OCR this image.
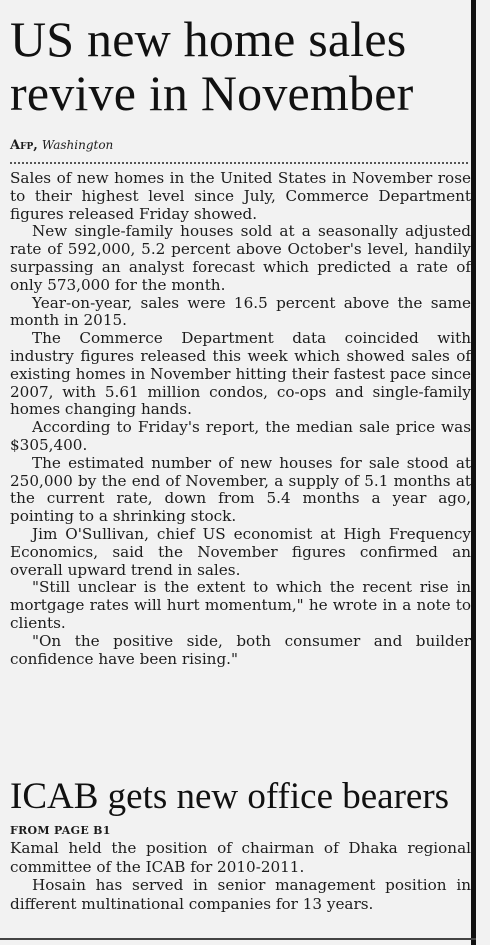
US new home sales
revive in November
Afp, Washington

Sales of new homes in the United States in November rose to their highest level since July, Commerce Department figures released Friday showed.

New single-family houses sold at a seasonally adjusted rate of 592,000, 5.2 percent above October's level, handily surpassing an analyst forecast which predicted a rate of only 573,000 for the month.

Year-on-year, sales were 16.5 percent above the same month in 2015.

The Commerce Department data coincided with industry figures released this week which showed sales of existing homes in November hitting their fastest pace since 2007, with 5.61 million condos, co-ops and single-family homes changing hands.

According to Friday's report, the median sale price was $305,400.

The estimated number of new houses for sale stood at 250,000 by the end of November, a supply of 5.1 months at the current rate, down from 5.4 months a year ago, pointing to a shrinking stock.

Jim O'Sullivan, chief US economist at High Frequency Economics, said the November figures confirmed an overall upward trend in sales.

"Still unclear is the extent to which the recent rise in mortgage rates will hurt momentum," he wrote in a note to clients.

"On the positive side, both consumer and builder confidence have been rising."

ICAB gets new office bearers
FROM PAGE B1

Kamal held the position of chairman of Dhaka regional committee of the ICAB for 2010-2011.

Hosain has served in senior management position in different multinational companies for 13 years.
